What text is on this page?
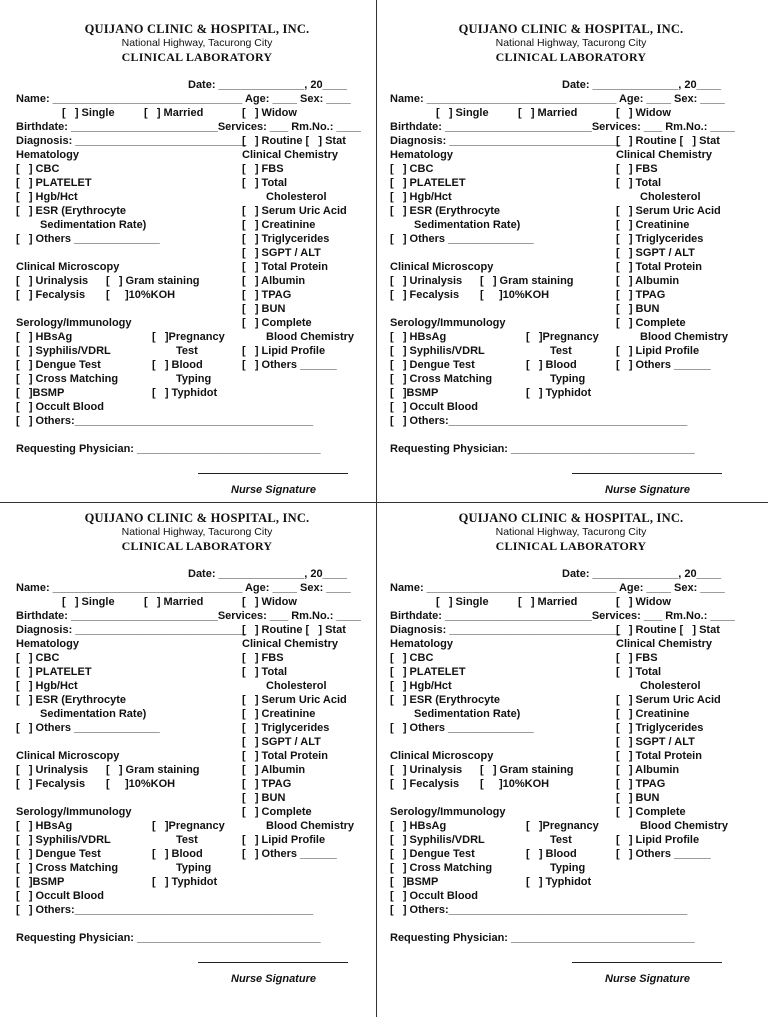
QUIJANO CLINIC & HOSPITAL, INC.
National Highway, Tacurong City
CLINICAL LABORATORY
Date: ______________, 20____
Name: _______________________________ Age: ____ Sex: ____
[   ] Single	[   ] Married	[   ] Widow
Birthdate: ________________________Services: ___ Rm.No.: ____
Diagnosis: ____________________________
[   ] Routine [   ] Stat
Hematology
[   ] CBC
[   ] PLATELET
[   ] Hgb/Hct
[   ] ESR (Erythrocyte
Sedimentation Rate)
[   ] Others ______________
Clinical Microscopy
[   ] Urinalysis [   ] Gram staining
[   ] Fecalysis [     ]10%KOH
Serology/Immunology
[   ] HBsAg
[   ] Syphilis/VDRL
[   ] Dengue Test
[   ] Cross Matching
[   ]BSMP
[   ] Occult Blood
[   ] Others:_______________________________________
[   ]Pregnancy
Test
[   ] Blood
Typing
[   ] Typhidot
Clinical Chemistry
[   ] FBS
[   ] Total
Cholesterol
[   ] Serum Uric Acid
[   ] Creatinine
[   ] Triglycerides
[   ] SGPT / ALT
[   ] Total Protein
[   ] Albumin
[   ] TPAG
[   ] BUN
[   ] Complete
Blood Chemistry
[   ] Lipid Profile
[   ] Others ______
Requesting Physician: ______________________________
Nurse Signature
QUIJANO CLINIC & HOSPITAL, INC.
National Highway, Tacurong City
CLINICAL LABORATORY
Date: ______________, 20____
Name: _______________________________ Age: ____ Sex: ____
[   ] Single	[   ] Married	[   ] Widow
Birthdate: ________________________Services: ___ Rm.No.: ____
Diagnosis: ____________________________
[   ] Routine [   ] Stat
Hematology
[   ] CBC
[   ] PLATELET
[   ] Hgb/Hct
[   ] ESR (Erythrocyte
Sedimentation Rate)
[   ] Others ______________
Clinical Microscopy
[   ] Urinalysis [   ] Gram staining
[   ] Fecalysis [     ]10%KOH
Serology/Immunology
[   ] HBsAg
[   ] Syphilis/VDRL
[   ] Dengue Test
[   ] Cross Matching
[   ]BSMP
[   ] Occult Blood
[   ] Others:_______________________________________
[   ]Pregnancy
Test
[   ] Blood
Typing
[   ] Typhidot
Clinical Chemistry
[   ] FBS
[   ] Total
Cholesterol
[   ] Serum Uric Acid
[   ] Creatinine
[   ] Triglycerides
[   ] SGPT / ALT
[   ] Total Protein
[   ] Albumin
[   ] TPAG
[   ] BUN
[   ] Complete
Blood Chemistry
[   ] Lipid Profile
[   ] Others ______
Requesting Physician: ______________________________
Nurse Signature
QUIJANO CLINIC & HOSPITAL, INC.
National Highway, Tacurong City
CLINICAL LABORATORY
Date: ______________, 20____
Name: _______________________________ Age: ____ Sex: ____
[   ] Single	[   ] Married	[   ] Widow
Birthdate: ________________________Services: ___ Rm.No.: ____
Diagnosis: ____________________________
[   ] Routine [   ] Stat
Hematology
[   ] CBC
[   ] PLATELET
[   ] Hgb/Hct
[   ] ESR (Erythrocyte
Sedimentation Rate)
[   ] Others ______________
Clinical Microscopy
[   ] Urinalysis [   ] Gram staining
[   ] Fecalysis [     ]10%KOH
Serology/Immunology
[   ] HBsAg
[   ] Syphilis/VDRL
[   ] Dengue Test
[   ] Cross Matching
[   ]BSMP
[   ] Occult Blood
[   ] Others:_______________________________________
[   ]Pregnancy
Test
[   ] Blood
Typing
[   ] Typhidot
Clinical Chemistry
[   ] FBS
[   ] Total
Cholesterol
[   ] Serum Uric Acid
[   ] Creatinine
[   ] Triglycerides
[   ] SGPT / ALT
[   ] Total Protein
[   ] Albumin
[   ] TPAG
[   ] BUN
[   ] Complete
Blood Chemistry
[   ] Lipid Profile
[   ] Others ______
Requesting Physician: ______________________________
Nurse Signature
QUIJANO CLINIC & HOSPITAL, INC.
National Highway, Tacurong City
CLINICAL LABORATORY
Date: ______________, 20____
Name: _______________________________ Age: ____ Sex: ____
[   ] Single	[   ] Married	[   ] Widow
Birthdate: ________________________Services: ___ Rm.No.: ____
Diagnosis: ____________________________
[   ] Routine [   ] Stat
Hematology
[   ] CBC
[   ] PLATELET
[   ] Hgb/Hct
[   ] ESR (Erythrocyte
Sedimentation Rate)
[   ] Others ______________
Clinical Microscopy
[   ] Urinalysis [   ] Gram staining
[   ] Fecalysis [     ]10%KOH
Serology/Immunology
[   ] HBsAg
[   ] Syphilis/VDRL
[   ] Dengue Test
[   ] Cross Matching
[   ]BSMP
[   ] Occult Blood
[   ] Others:_______________________________________
[   ]Pregnancy
Test
[   ] Blood
Typing
[   ] Typhidot
Clinical Chemistry
[   ] FBS
[   ] Total
Cholesterol
[   ] Serum Uric Acid
[   ] Creatinine
[   ] Triglycerides
[   ] SGPT / ALT
[   ] Total Protein
[   ] Albumin
[   ] TPAG
[   ] BUN
[   ] Complete
Blood Chemistry
[   ] Lipid Profile
[   ] Others ______
Requesting Physician: ______________________________
Nurse Signature
